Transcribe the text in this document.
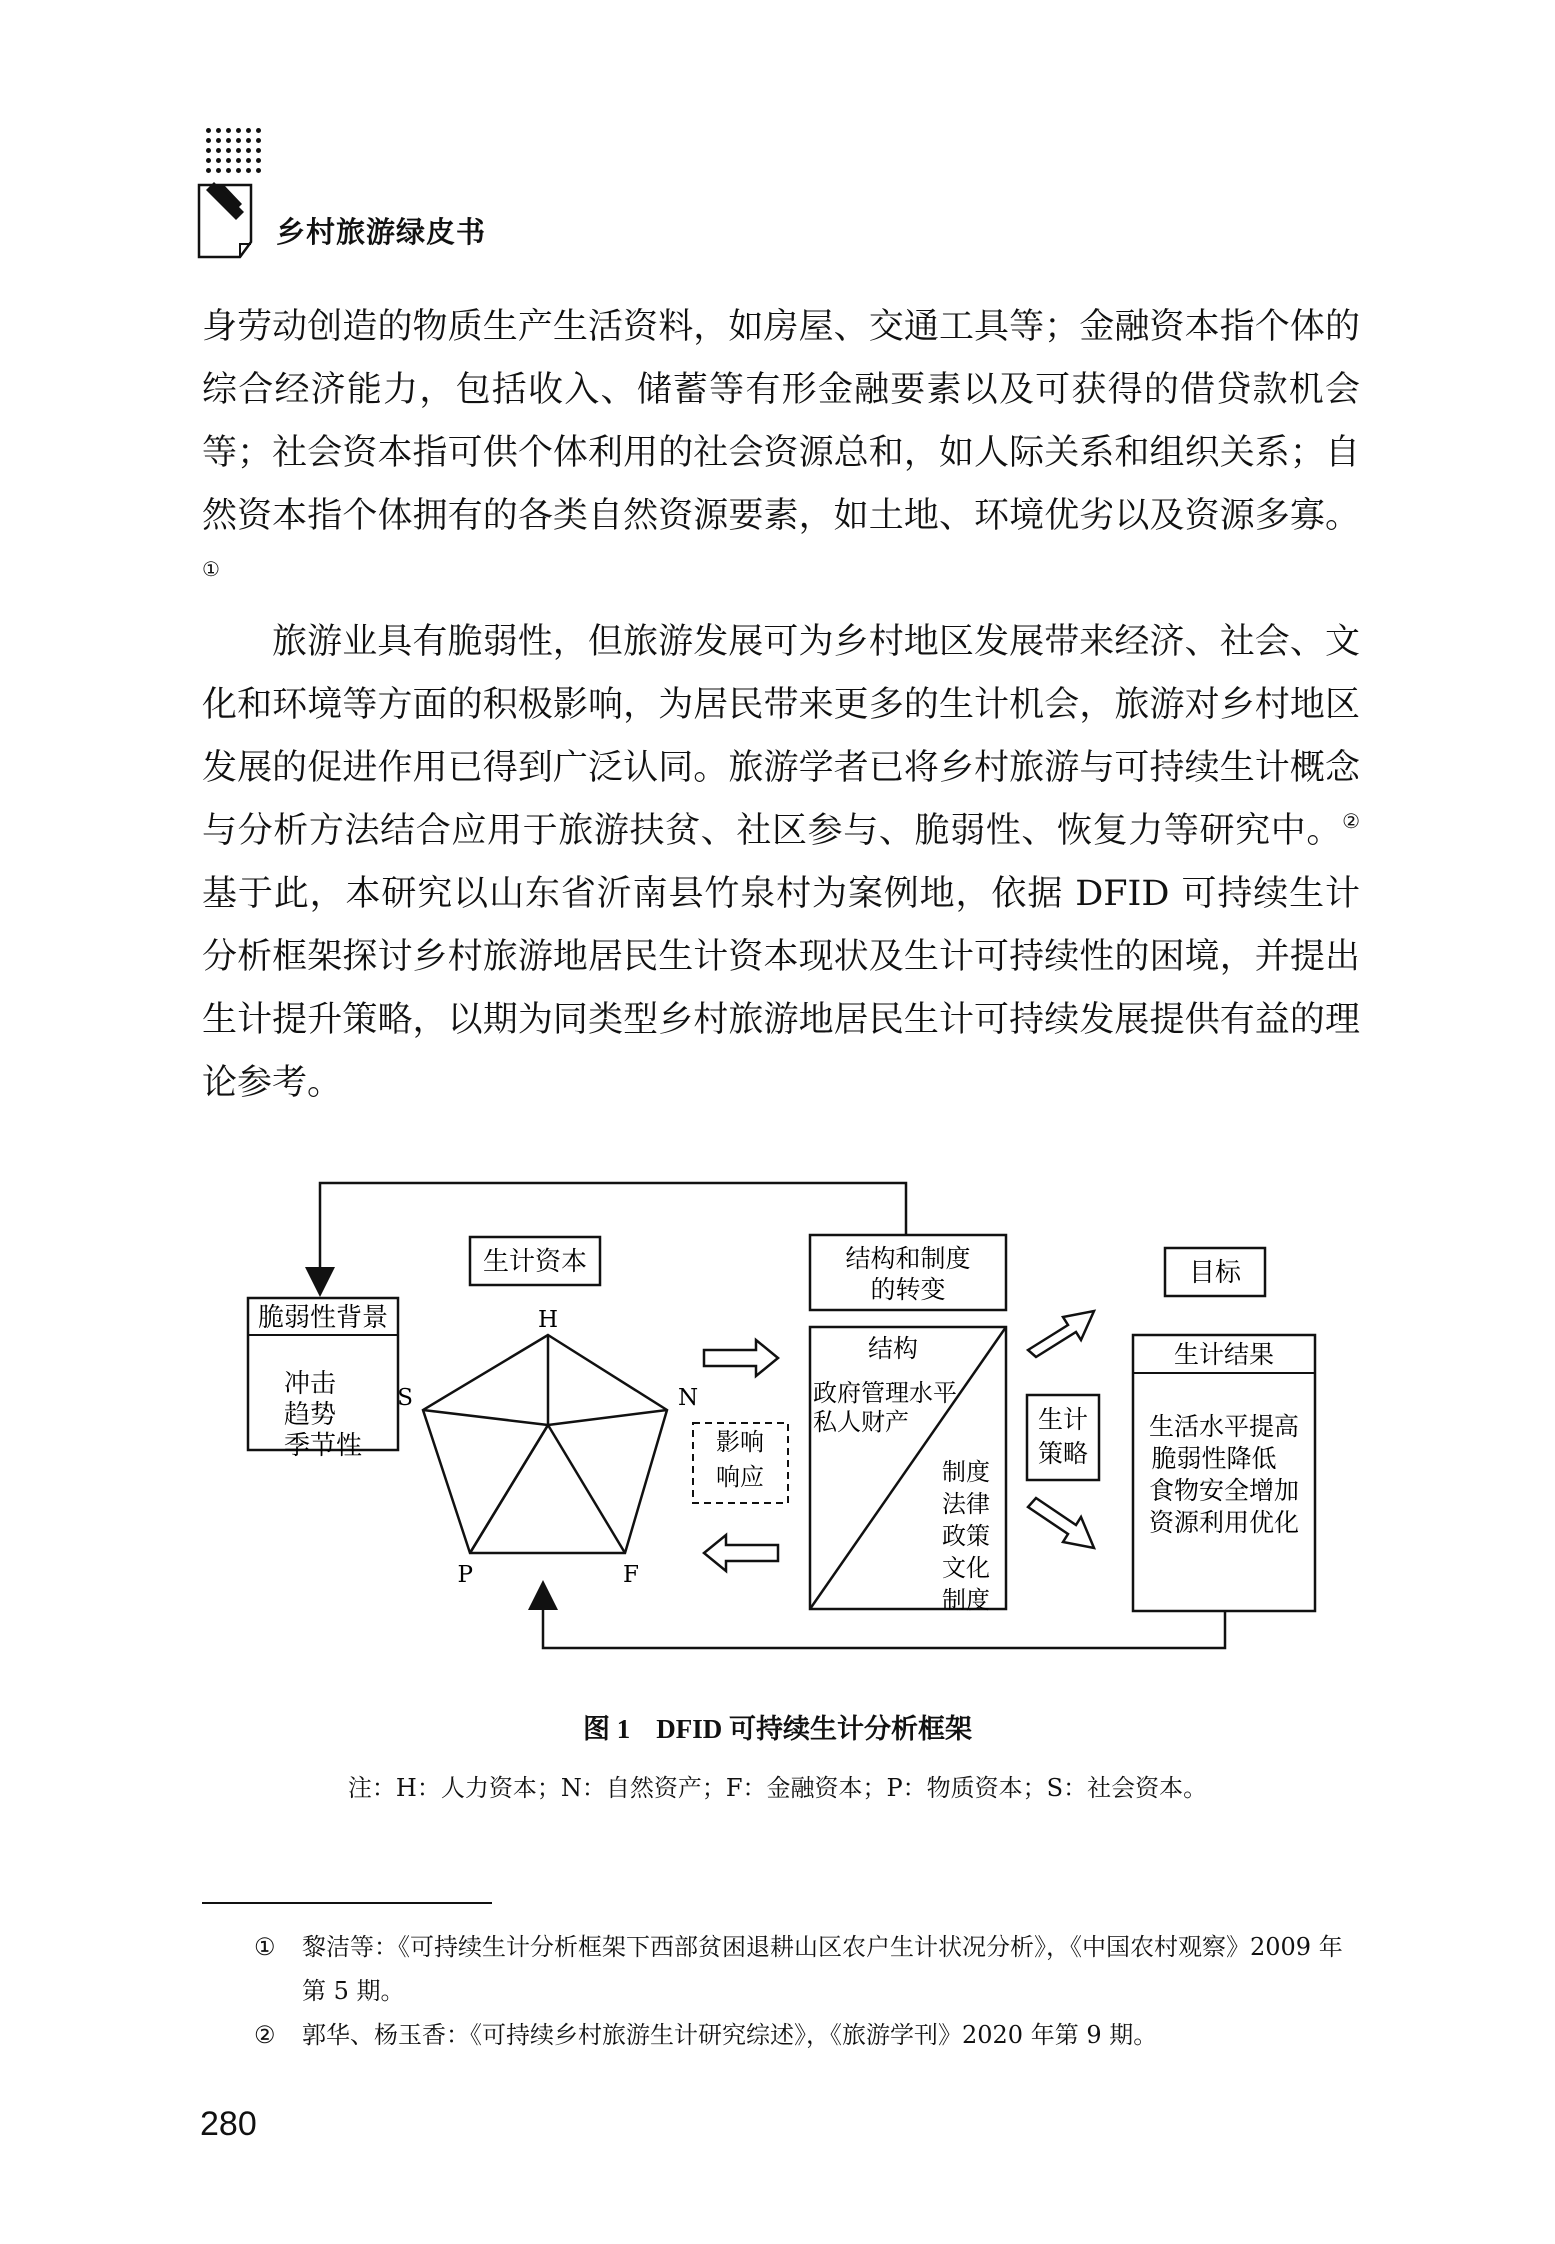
乡村旅游绿皮书

身劳动创造的物质生产生活资料，如房屋、交通工具等；金融资本指个体的综合经济能力，包括收入、储蓄等有形金融要素以及可获得的借贷款机会等；社会资本指可供个体利用的社会资源总和，如人际关系和组织关系；自然资本指个体拥有的各类自然资源要素，如土地、环境优劣以及资源多寡。①

旅游业具有脆弱性，但旅游发展可为乡村地区发展带来经济、社会、文化和环境等方面的积极影响，为居民带来更多的生计机会，旅游对乡村地区发展的促进作用已得到广泛认同。旅游学者已将乡村旅游与可持续生计概念与分析方法结合应用于旅游扶贫、社区参与、脆弱性、恢复力等研究中。②基于此，本研究以山东省沂南县竹泉村为案例地，依据 DFID 可持续生计分析框架探讨乡村旅游地居民生计资本现状及生计可持续性的困境，并提出生计提升策略，以期为同类型乡村旅游地居民生计可持续发展提供有益的理论参考。

脆弱性背景
冲击
趋势
季节性
生计资本
H
N
F
P
S
影响
响应
结构和制度
的转变
结构
政府管理水平
私人财产
制度
法律
政策
文化
制度
生计
策略
目标
生计结果
生活水平提高
脆弱性降低
食物安全增加
资源利用优化
图 1 DFID 可持续生计分析框架
注：H：人力资本；N：自然资产；F：金融资本；P：物质资本；S：社会资本。
① 黎洁等：《可持续生计分析框架下西部贫困退耕山区农户生计状况分析》，《中国农村观察》2009 年第 5 期。
② 郭华、杨玉香：《可持续乡村旅游生计研究综述》，《旅游学刊》2020 年第 9 期。
280
